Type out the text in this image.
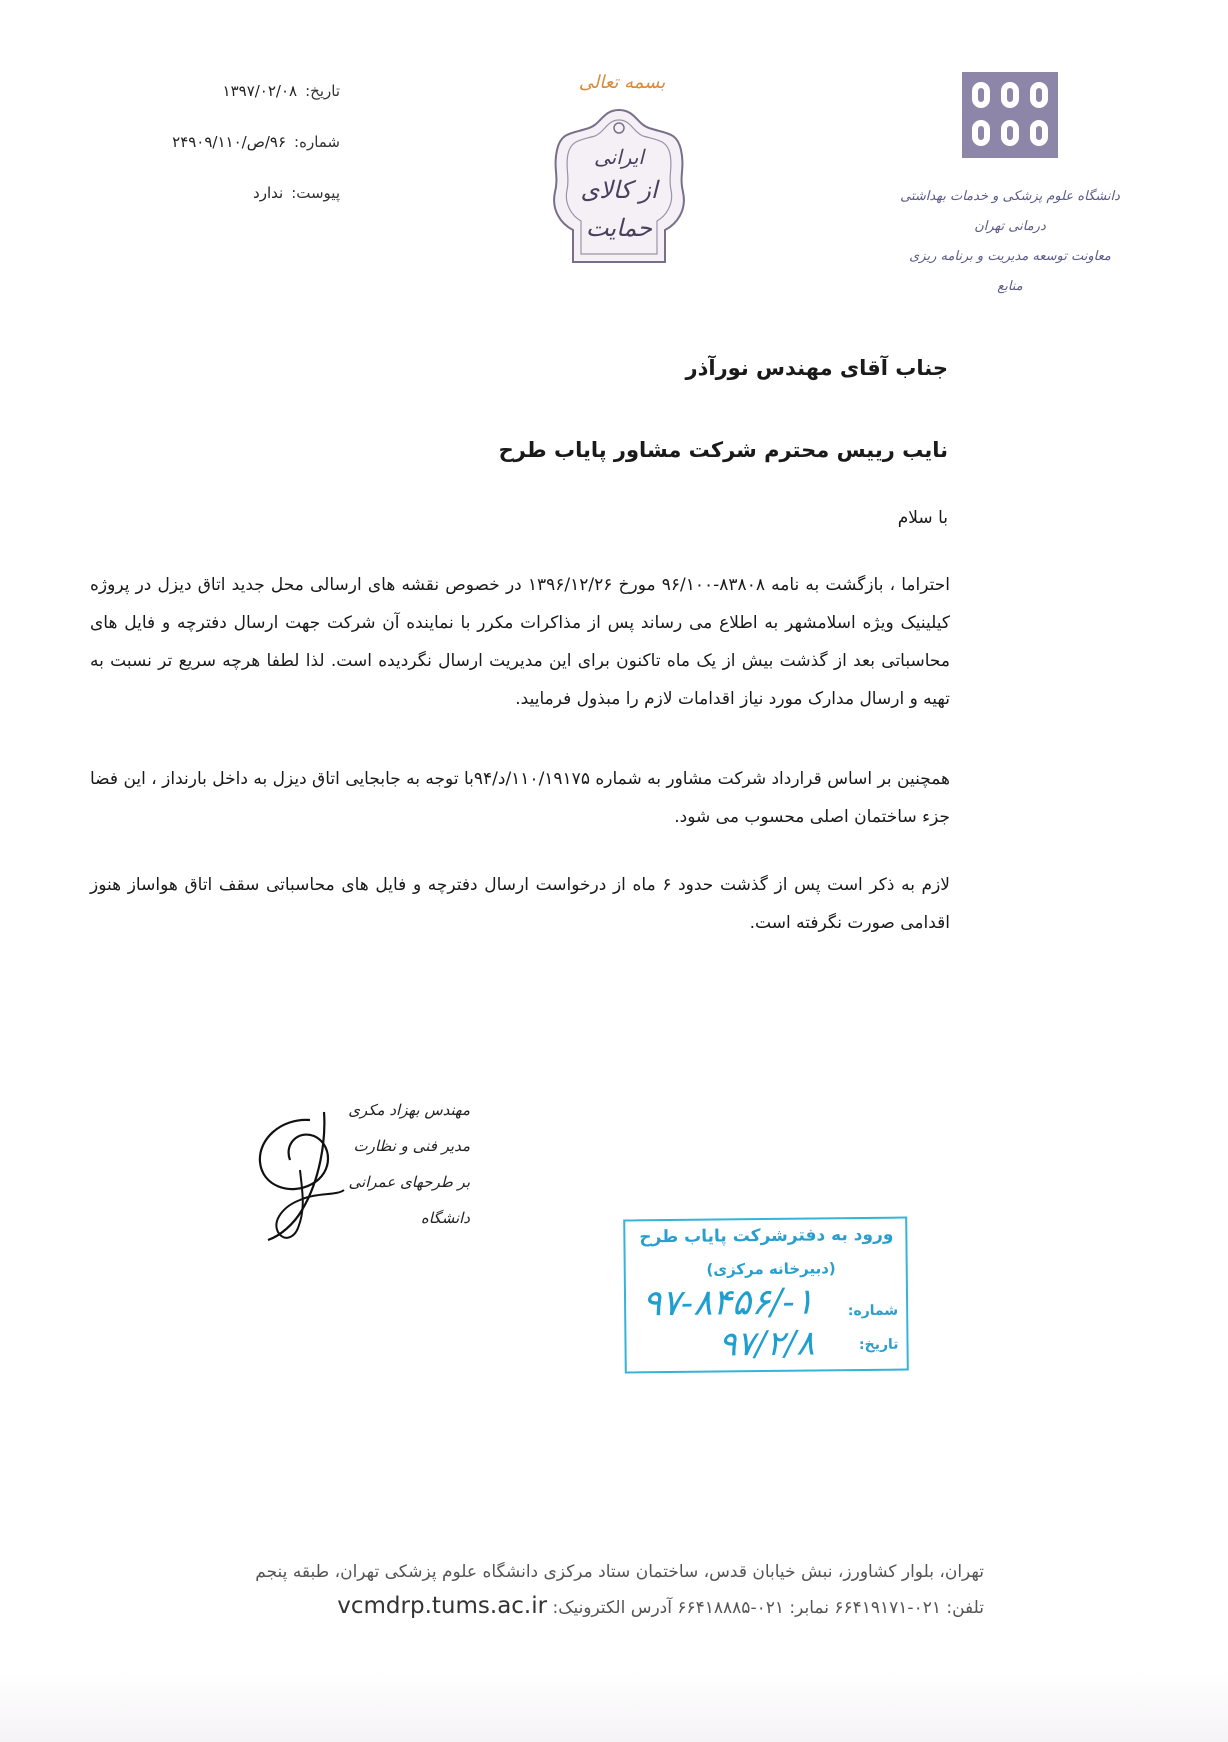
تاریخ:
۱۳۹۷/۰۲/۰۸
شماره:
۹۶/ص/۲۴۹۰۹/۱۱۰
پیوست:
ندارد
بسمه تعالی
ایرانی
از کالای
حمایت
دانشگاه علوم پزشکی و خدمات بهداشتی درمانی تهران
معاونت توسعه مدیریت و برنامه ریزی منابع
جناب آقای مهندس نورآذر
نایب رییس محترم شرکت مشاور پایاب طرح
با سلام
احتراما ، بازگشت به نامه ۸۳۸۰۸-۹۶/۱۰۰ مورخ ۱۳۹۶/۱۲/۲۶ در خصوص نقشه های ارسالی محل جدید اتاق دیزل در پروژه کیلینیک ویژه اسلامشهر به اطلاع می رساند پس از مذاکرات مکرر با نماینده آن شرکت جهت ارسال دفترچه و فایل های محاسباتی بعد از گذشت بیش از یک ماه تاکنون برای این مدیریت ارسال نگردیده است. لذا لطفا هرچه سریع تر نسبت به تهیه و ارسال مدارک مورد نیاز اقدامات لازم را مبذول فرمایید.
همچنین بر اساس قرارداد شرکت مشاور به شماره ۱۱۰/۱۹۱۷۵/د/۹۴با توجه به جابجایی اتاق دیزل به داخل بارنداز ، این فضا جزء ساختمان اصلی محسوب می شود.
لازم به ذکر است پس از گذشت حدود ۶ ماه از درخواست ارسال دفترچه و فایل های محاسباتی سقف اتاق هواساز هنوز اقدامی صورت نگرفته است.
مهندس بهزاد مکری
مدیر فنی و نظارت
بر طرحهای عمرانی دانشگاه
ورود به دفترشرکت پایاب طرح
(دبیرخانه مرکزی)
شماره:
۱-/۹۷-۸۴۵۶
تاریخ:
۹۷/۲/۸
تهران، بلوار کشاورز، نبش خیابان قدس، ساختمان ستاد مرکزی دانشگاه علوم پزشکی تهران، طبقه پنجم
تلفن: ۰۲۱-۶۶۴۱۹۱۷۱ نمابر: ۰۲۱-۶۶۴۱۸۸۸۵ آدرس الکترونیک: vcmdrp.tums.ac.ir
